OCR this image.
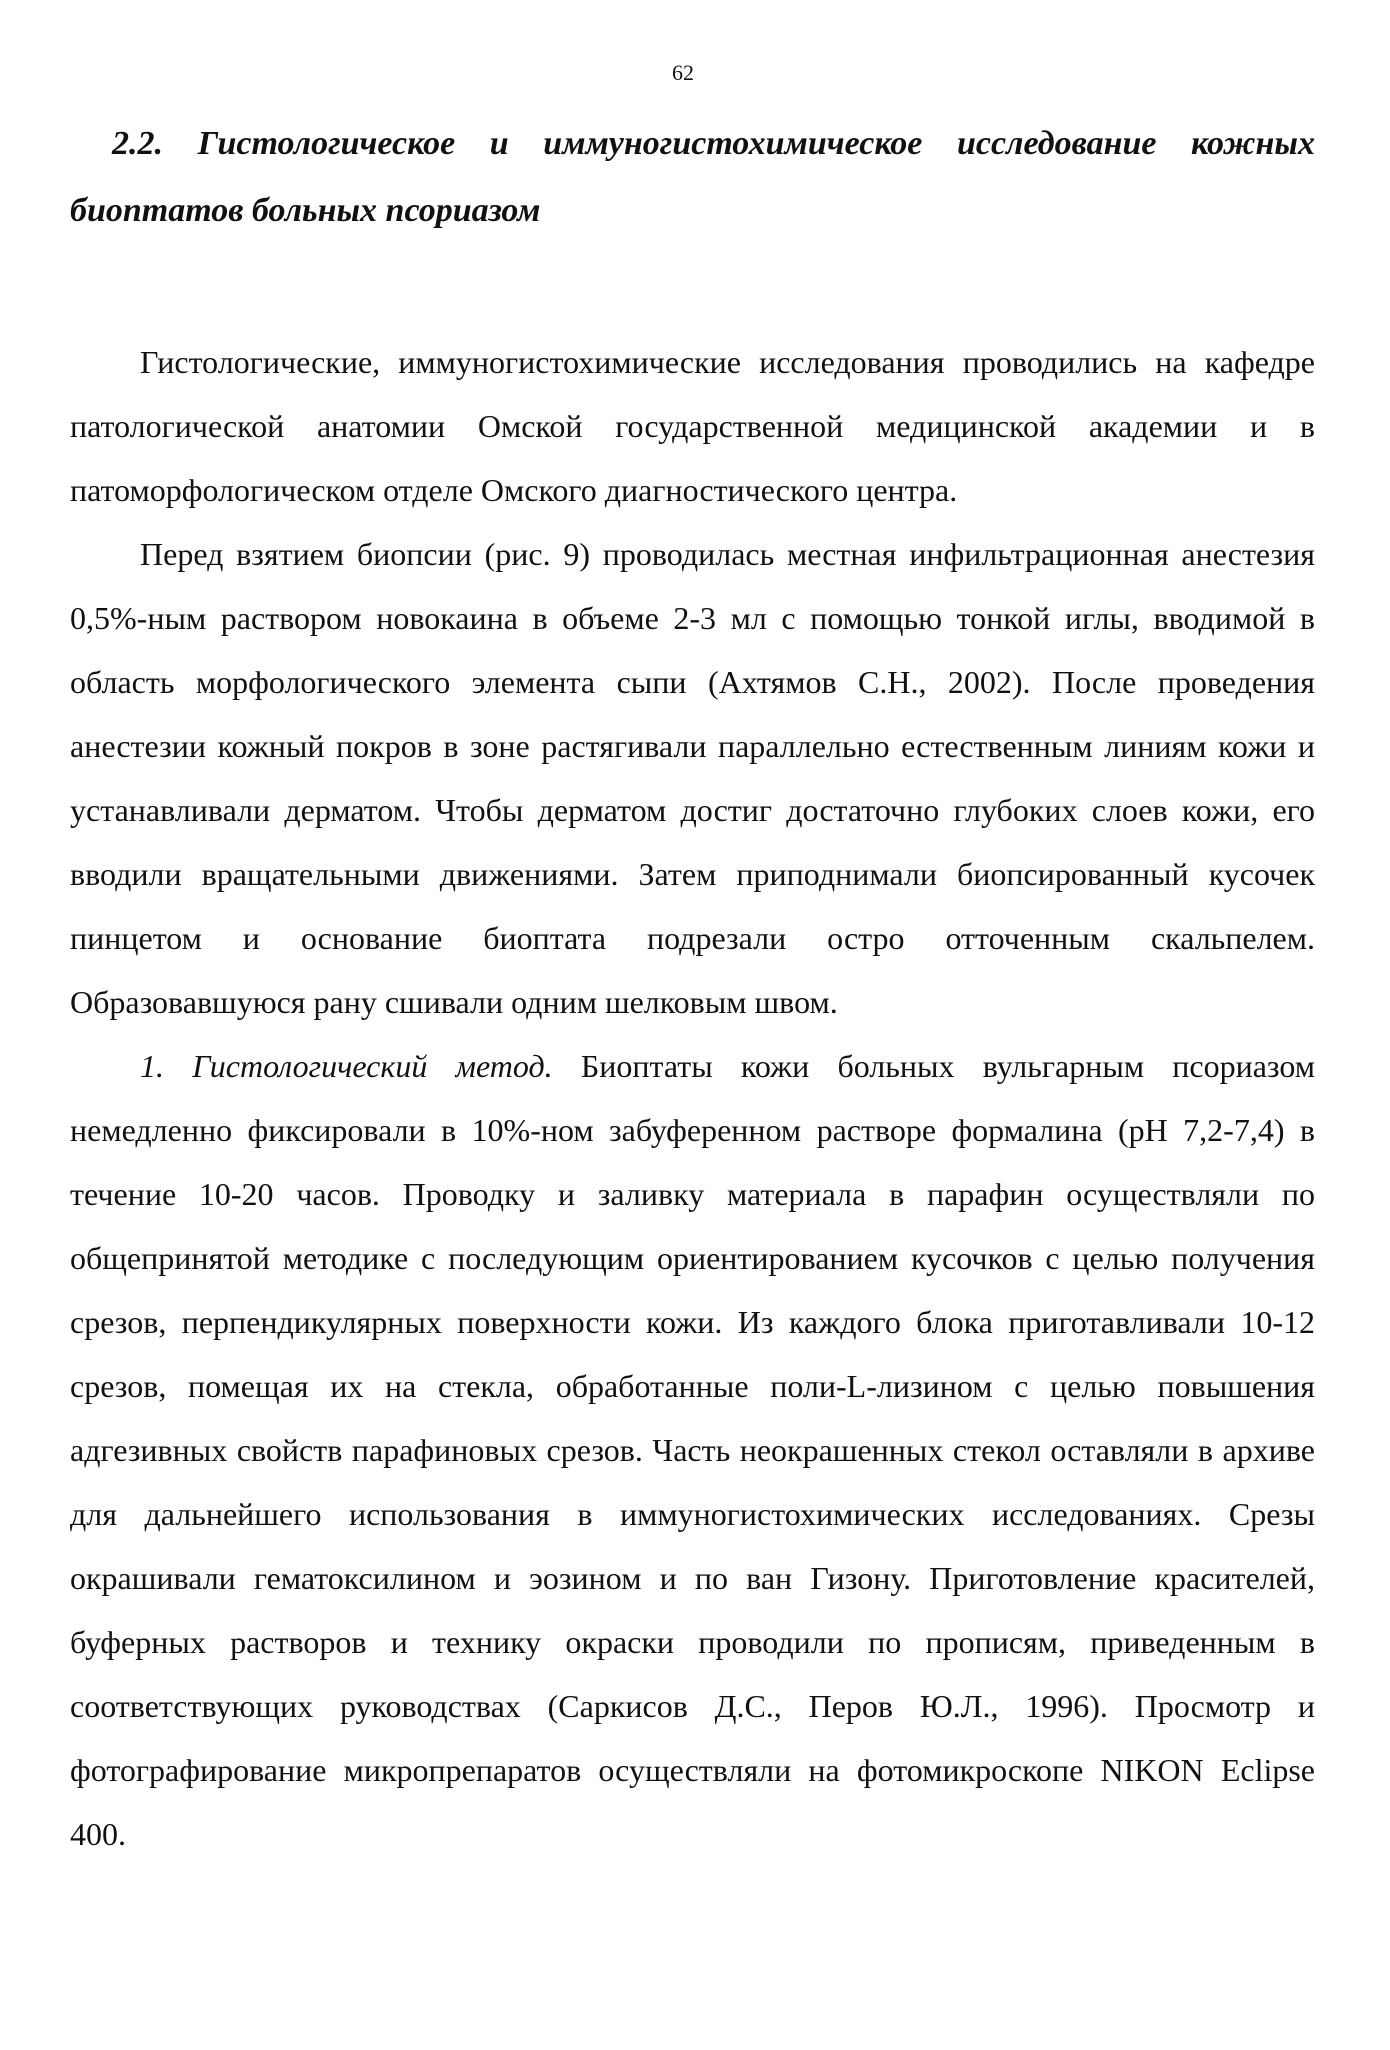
62
2.2. Гистологическое и иммуногистохимическое исследование кожных биоптатов больных псориазом

Гистологические, иммуногистохимические исследования проводились на кафедре патологической анатомии Омской государственной медицинской академии и в патоморфологическом отделе Омского диагностического центра.

Перед взятием биопсии (рис. 9) проводилась местная инфильтрационная анестезия 0,5%-ным раствором новокаина в объеме 2-3 мл с помощью тонкой иглы, вводимой в область морфологического элемента сыпи (Ахтямов С.Н., 2002). После проведения анестезии кожный покров в зоне растягивали параллельно естественным линиям кожи и устанавливали дерматом. Чтобы дерматом достиг достаточно глубоких слоев кожи, его вводили вращательными движениями. Затем приподнимали биопсированный кусочек пинцетом и основание биоптата подрезали остро отточенным скальпелем. Образовавшуюся рану сшивали одним шелковым швом.

1. Гистологический метод. Биоптаты кожи больных вульгарным псориазом немедленно фиксировали в 10%-ном забуференном растворе формалина (pH 7,2-7,4) в течение 10-20 часов. Проводку и заливку материала в парафин осуществляли по общепринятой методике с последующим ориентированием кусочков с целью получения срезов, перпендикулярных поверхности кожи. Из каждого блока приготавливали 10-12 срезов, помещая их на стекла, обработанные поли-L-лизином с целью повышения адгезивных свойств парафиновых срезов. Часть неокрашенных стекол оставляли в архиве для дальнейшего использования в иммуногистохимических исследованиях. Срезы окрашивали гематоксилином и эозином и по ван Гизону. Приготовление красителей, буферных растворов и технику окраски проводили по прописям, приведенным в соответствующих руководствах (Саркисов Д.С., Перов Ю.Л., 1996). Просмотр и фотографирование микропрепаратов осуществляли на фотомикроскопе NIKON Eclipse 400.
